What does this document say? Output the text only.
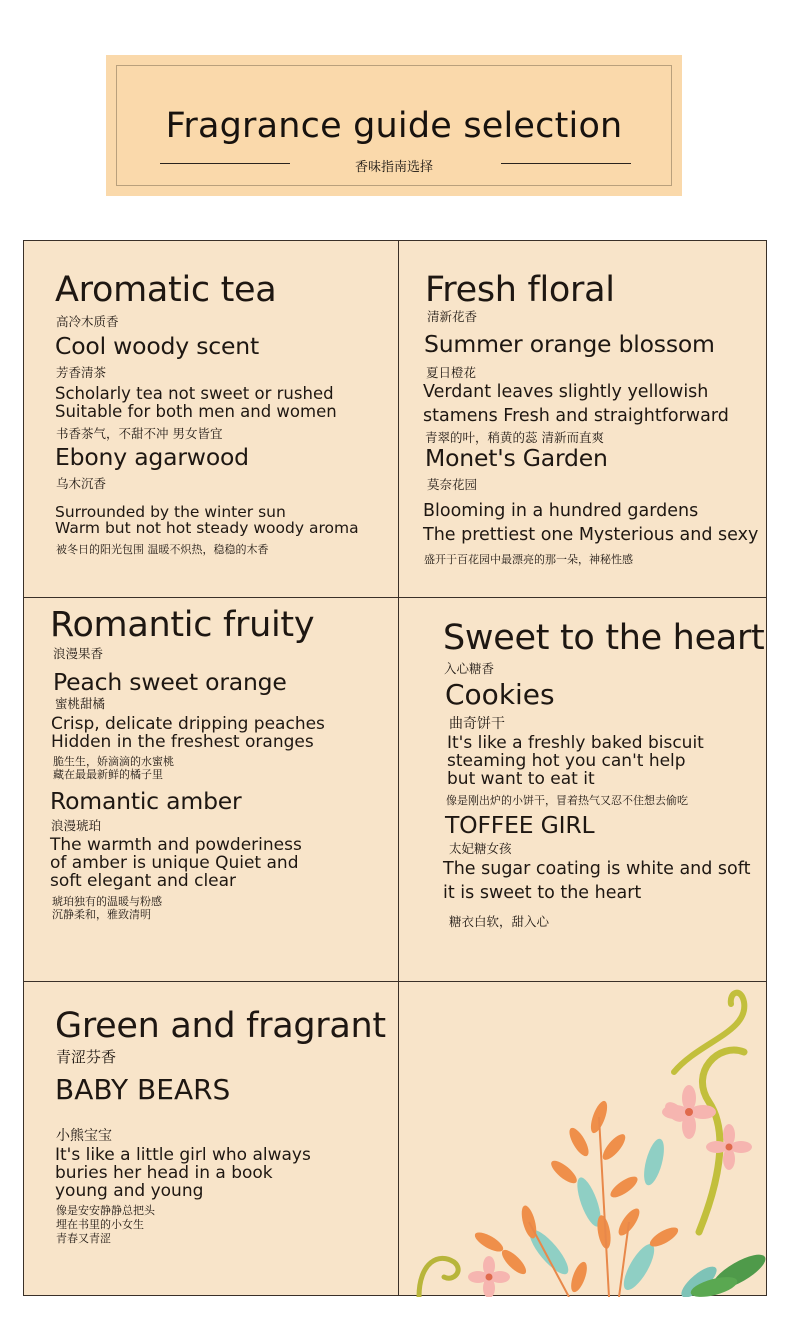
Fragrance guide selection
香味指南选择
Aromatic tea
高冷木质香
Cool woody scent
芳香清茶
Scholarly tea not sweet or rushed
Suitable for both men and women
书香茶气，不甜不冲 男女皆宜
Ebony agarwood
乌木沉香
Surrounded by the winter sun
Warm but not hot steady woody aroma
被冬日的阳光包围 温暖不炽热，稳稳的木香
Fresh floral
清新花香
Summer orange blossom
夏日橙花
Verdant leaves slightly yellowish
stamens Fresh and straightforward
青翠的叶，稍黄的蕊 清新而直爽
Monet's Garden
莫奈花园
Blooming in a hundred gardens
The prettiest one Mysterious and sexy
盛开于百花园中最漂亮的那一朵，神秘性感
Romantic fruity
浪漫果香
Peach sweet orange
蜜桃甜橘
Crisp, delicate dripping peaches
Hidden in the freshest oranges
脆生生，娇滴滴的水蜜桃
藏在最最新鲜的橘子里
Romantic amber
浪漫琥珀
The warmth and powderiness
of amber is unique Quiet and
soft elegant and clear
琥珀独有的温暖与粉感
沉静柔和，雅致清明
Sweet to the heart
入心糖香
Cookies
曲奇饼干
It's like a freshly baked biscuit
steaming hot you can't help
but want to eat it
像是刚出炉的小饼干，冒着热气又忍不住想去偷吃
TOFFEE GIRL
太妃糖女孩
The sugar coating is white and soft
it is sweet to the heart
糖衣白软，甜入心
Green and fragrant
青涩芬香
BABY BEARS
小熊宝宝
It's like a little girl who always
buries her head in a book
young and young
像是安安静静总把头
埋在书里的小女生
青春又青涩
